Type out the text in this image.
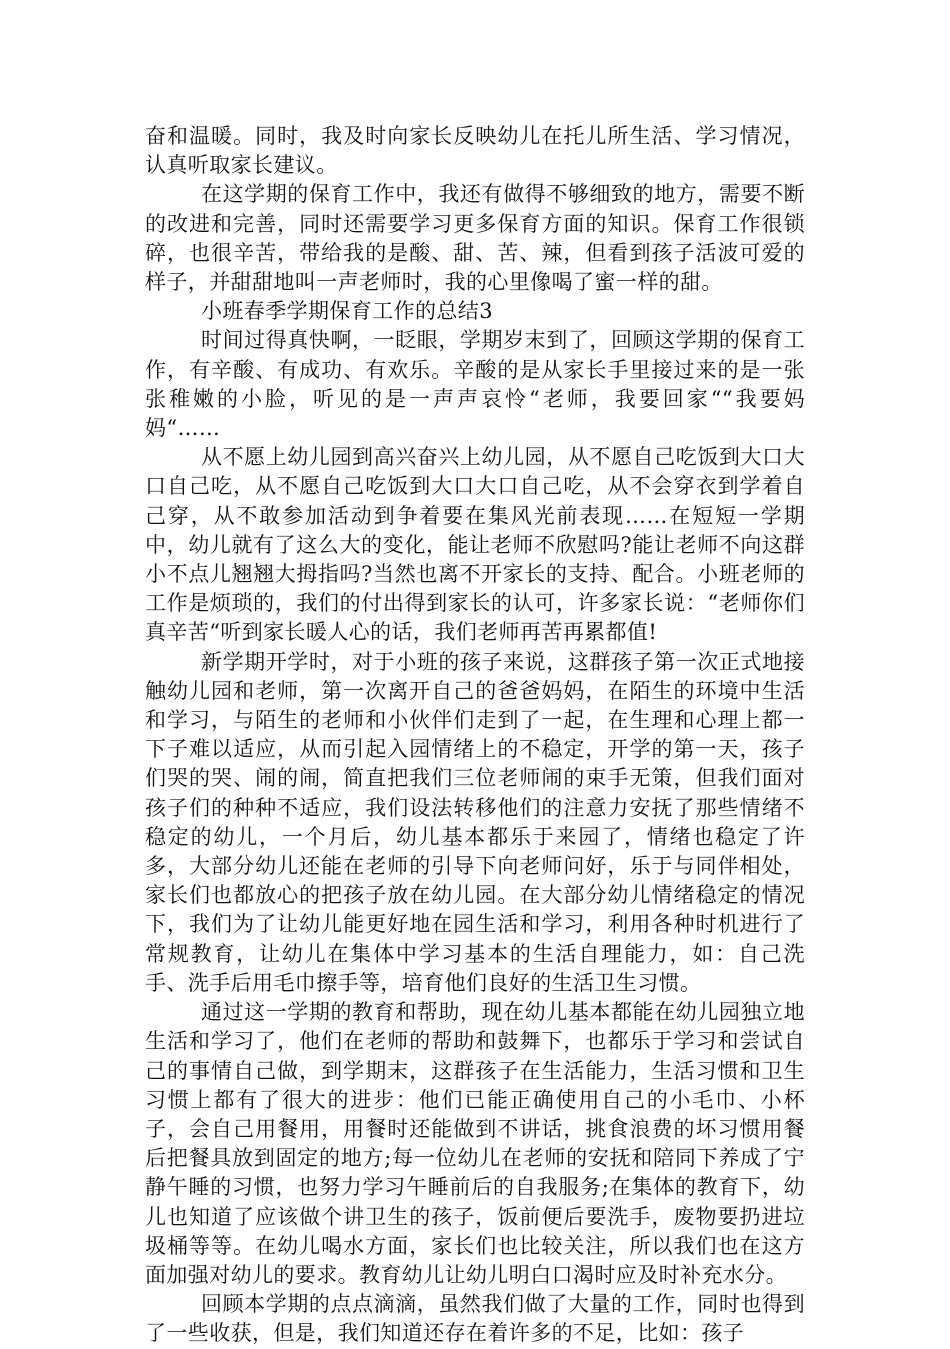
奋和温暖。同时，我及时向家长反映幼儿在托儿所生活、学习情况，认真听取家长建议。

在这学期的保育工作中，我还有做得不够细致的地方，需要不断的改进和完善，同时还需要学习更多保育方面的知识。保育工作很锁碎，也很辛苦，带给我的是酸、甜、苦、辣，但看到孩子活波可爱的样子，并甜甜地叫一声老师时，我的心里像喝了蜜一样的甜。

小班春季学期保育工作的总结3

时间过得真快啊，一眨眼，学期岁末到了，回顾这学期的保育工作，有辛酸、有成功、有欢乐。辛酸的是从家长手里接过来的是一张张稚嫩的小脸，听见的是一声声哀怜“老师，我要回家““我要妈妈“……

从不愿上幼儿园到高兴奋兴上幼儿园，从不愿自己吃饭到大口大口自己吃，从不愿自己吃饭到大口大口自己吃，从不会穿衣到学着自己穿，从不敢参加活动到争着要在集风光前表现……在短短一学期中，幼儿就有了这么大的变化，能让老师不欣慰吗?能让老师不向这群小不点儿翘翘大拇指吗?当然也离不开家长的支持、配合。小班老师的工作是烦琐的，我们的付出得到家长的认可，许多家长说：“老师你们真辛苦“听到家长暖人心的话，我们老师再苦再累都值!

新学期开学时，对于小班的孩子来说，这群孩子第一次正式地接触幼儿园和老师，第一次离开自己的爸爸妈妈，在陌生的环境中生活和学习，与陌生的老师和小伙伴们走到了一起，在生理和心理上都一下子难以适应，从而引起入园情绪上的不稳定，开学的第一天，孩子们哭的哭、闹的闹，简直把我们三位老师闹的束手无策，但我们面对孩子们的种种不适应，我们设法转移他们的注意力安抚了那些情绪不稳定的幼儿，一个月后，幼儿基本都乐于来园了，情绪也稳定了许多，大部分幼儿还能在老师的引导下向老师问好，乐于与同伴相处，家长们也都放心的把孩子放在幼儿园。在大部分幼儿情绪稳定的情况下，我们为了让幼儿能更好地在园生活和学习，利用各种时机进行了常规教育，让幼儿在集体中学习基本的生活自理能力，如：自己洗手、洗手后用毛巾擦手等，培育他们良好的生活卫生习惯。

通过这一学期的教育和帮助，现在幼儿基本都能在幼儿园独立地生活和学习了，他们在老师的帮助和鼓舞下，也都乐于学习和尝试自己的事情自己做，到学期末，这群孩子在生活能力，生活习惯和卫生习惯上都有了很大的进步：他们已能正确使用自己的小毛巾、小杯子，会自己用餐用，用餐时还能做到不讲话，挑食浪费的坏习惯用餐后把餐具放到固定的地方;每一位幼儿在老师的安抚和陪同下养成了宁静午睡的习惯，也努力学习午睡前后的自我服务;在集体的教育下，幼儿也知道了应该做个讲卫生的孩子，饭前便后要洗手，废物要扔进垃圾桶等等。在幼儿喝水方面，家长们也比较关注，所以我们也在这方面加强对幼儿的要求。教育幼儿让幼儿明白口渴时应及时补充水分。

回顾本学期的点点滴滴，虽然我们做了大量的工作，同时也得到了一些收获，但是，我们知道还存在着许多的不足，比如：孩子
